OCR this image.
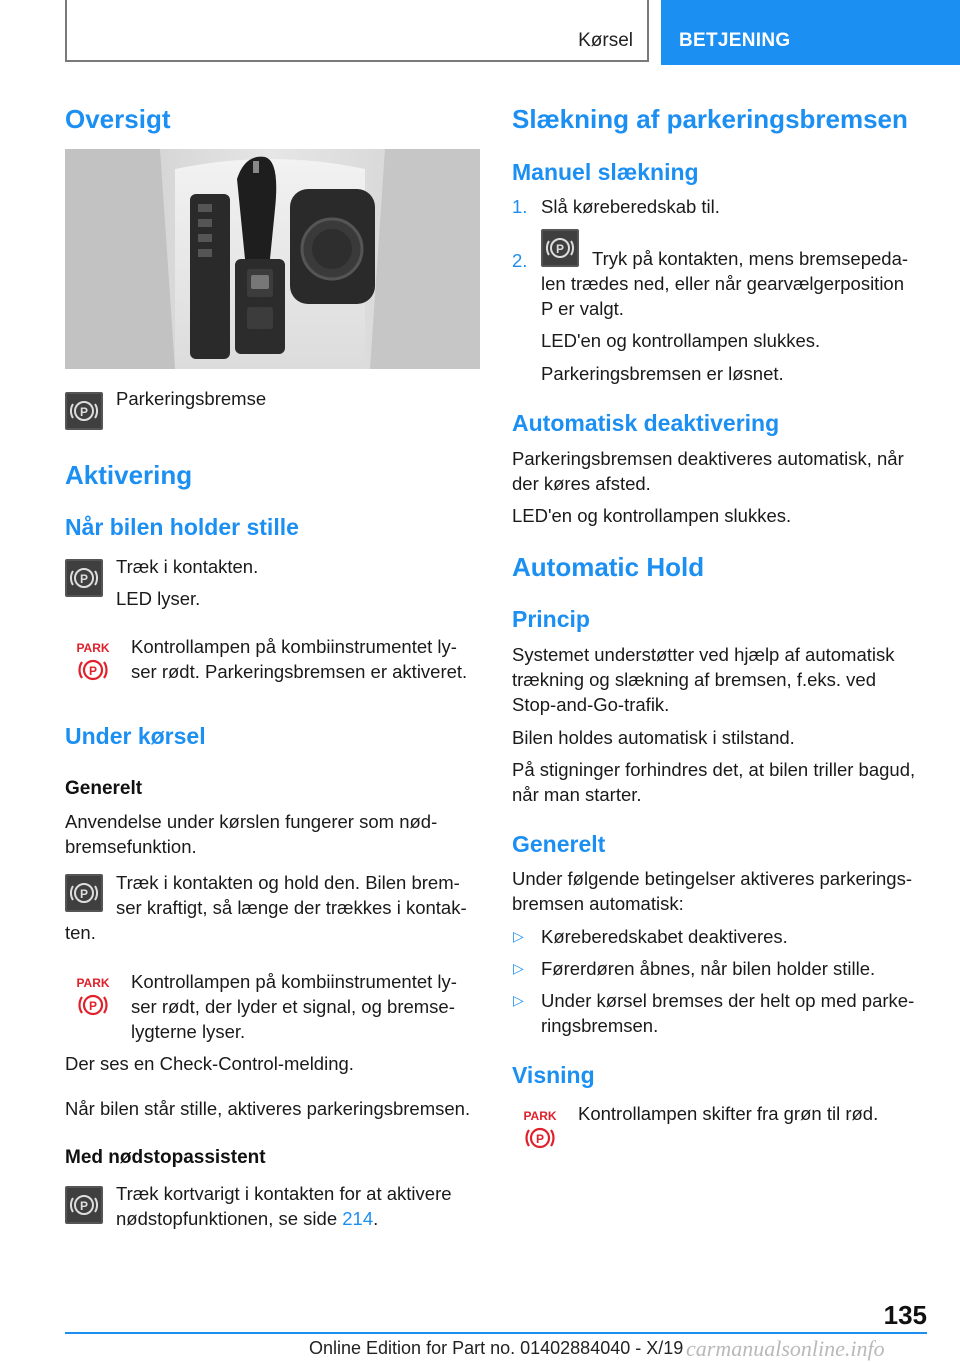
Kørsel BETJENING
Oversigt
P

Parkeringsbremse

Aktivering
Når bilen holder stille
P

Træk i kontakten.

LED lyser.

PARK
P

Kontrollampen på kombiinstrumentet ly-

ser rødt. Parkeringsbremsen er aktiveret.

Under kørsel

Generelt

Anvendelse under kørslen fungerer som nød-

bremsefunktion.

P

Træk i kontakten og hold den. Bilen brem-

ser kraftigt, så længe der trækkes i kontak-

ten.

PARK
P

Kontrollampen på kombiinstrumentet ly-

ser rødt, der lyder et signal, og bremse-

lygterne lyser.

Der ses en Check-Control-melding.

Når bilen står stille, aktiveres parkeringsbremsen.

Med nødstopassistent

P

Træk kortvarigt i kontakten for at aktivere

nødstopfunktionen, se side 214.

Slækning af parkeringsbremsen
Manuel slækning
1. Slå køreberedskab til.

2.
P Tryk på kontakten, mens bremsepeda-

len trædes ned, eller når gearvælgerposition

P er valgt.

LED'en og kontrollampen slukkes.

Parkeringsbremsen er løsnet.

Automatisk deaktivering

Parkeringsbremsen deaktiveres automatisk, når

der køres afsted.

LED'en og kontrollampen slukkes.

Automatic Hold
Princip

Systemet understøtter ved hjælp af automatisk

trækning og slækning af bremsen, f.eks. ved

Stop-and-Go-trafik.

Bilen holdes automatisk i stilstand.

På stigninger forhindres det, at bilen triller bagud,

når man starter.

Generelt

Under følgende betingelser aktiveres parkerings-

bremsen automatisk:

▷ Køreberedskabet deaktiveres.

▷ Førerdøren åbnes, når bilen holder stille.

▷ Under kørsel bremses der helt op med parke-

ringsbremsen.

Visning
PARK
P

Kontrollampen skifter fra grøn til rød.

135
Online Edition for Part no. 01402884040 - X/19 carmanualsonline.info
